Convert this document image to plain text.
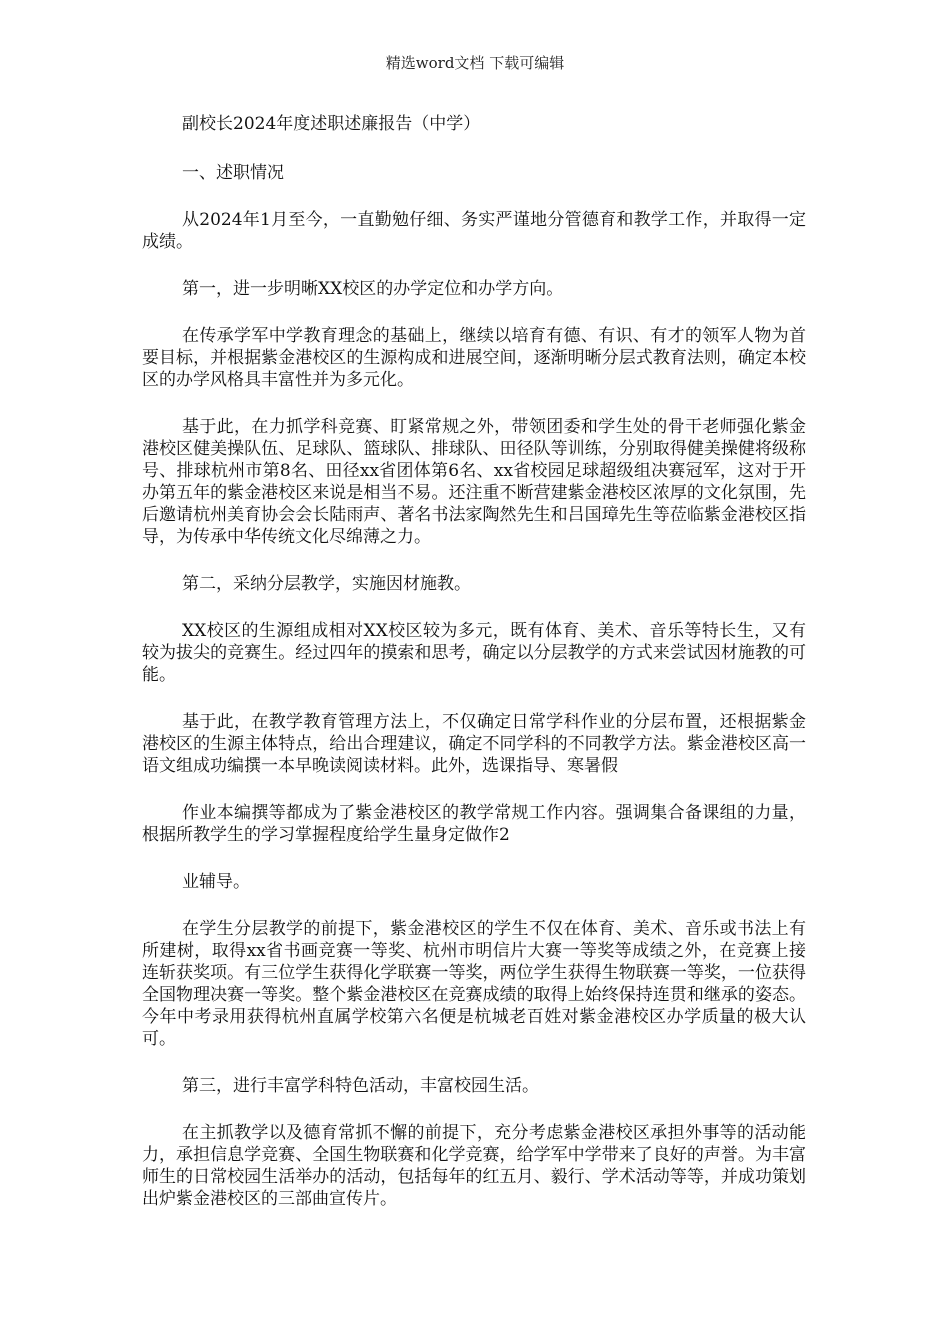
精选word文档 下载可编辑

副校长2024年度述职述廉报告（中学）

一、述职情况

从2024年1月至今，一直勤勉仔细、务实严谨地分管德育和教学工作，并取得一定成绩。

第一，进一步明晰XX校区的办学定位和办学方向。

在传承学军中学教育理念的基础上，继续以培育有德、有识、有才的领军人物为首要目标，并根据紫金港校区的生源构成和进展空间，逐渐明晰分层式教育法则，确定本校区的办学风格具丰富性并为多元化。

基于此，在力抓学科竞赛、盯紧常规之外，带领团委和学生处的骨干老师强化紫金港校区健美操队伍、足球队、篮球队、排球队、田径队等训练，分别取得健美操健将级称号、排球杭州市第8名、田径xx省团体第6名、xx省校园足球超级组决赛冠军，这对于开办第五年的紫金港校区来说是相当不易。还注重不断营建紫金港校区浓厚的文化氛围，先后邀请杭州美育协会会长陆雨声、著名书法家陶然先生和吕国璋先生等莅临紫金港校区指导，为传承中华传统文化尽绵薄之力。

第二，采纳分层教学，实施因材施教。

XX校区的生源组成相对XX校区较为多元，既有体育、美术、音乐等特长生，又有较为拔尖的竞赛生。经过四年的摸索和思考，确定以分层教学的方式来尝试因材施教的可能。

基于此，在教学教育管理方法上，不仅确定日常学科作业的分层布置，还根据紫金港校区的生源主体特点，给出合理建议，确定不同学科的不同教学方法。紫金港校区高一语文组成功编撰一本早晚读阅读材料。此外，选课指导、寒暑假

作业本编撰等都成为了紫金港校区的教学常规工作内容。强调集合备课组的力量，根据所教学生的学习掌握程度给学生量身定做作2

业辅导。

在学生分层教学的前提下，紫金港校区的学生不仅在体育、美术、音乐或书法上有所建树，取得xx省书画竞赛一等奖、杭州市明信片大赛一等奖等成绩之外，在竞赛上接连斩获奖项。有三位学生获得化学联赛一等奖，两位学生获得生物联赛一等奖，一位获得全国物理决赛一等奖。整个紫金港校区在竞赛成绩的取得上始终保持连贯和继承的姿态。今年中考录用获得杭州直属学校第六名便是杭城老百姓对紫金港校区办学质量的极大认可。

第三，进行丰富学科特色活动，丰富校园生活。

在主抓教学以及德育常抓不懈的前提下，充分考虑紫金港校区承担外事等的活动能力，承担信息学竞赛、全国生物联赛和化学竞赛，给学军中学带来了良好的声誉。为丰富师生的日常校园生活举办的活动，包括每年的红五月、毅行、学术活动等等，并成功策划出炉紫金港校区的三部曲宣传片。
